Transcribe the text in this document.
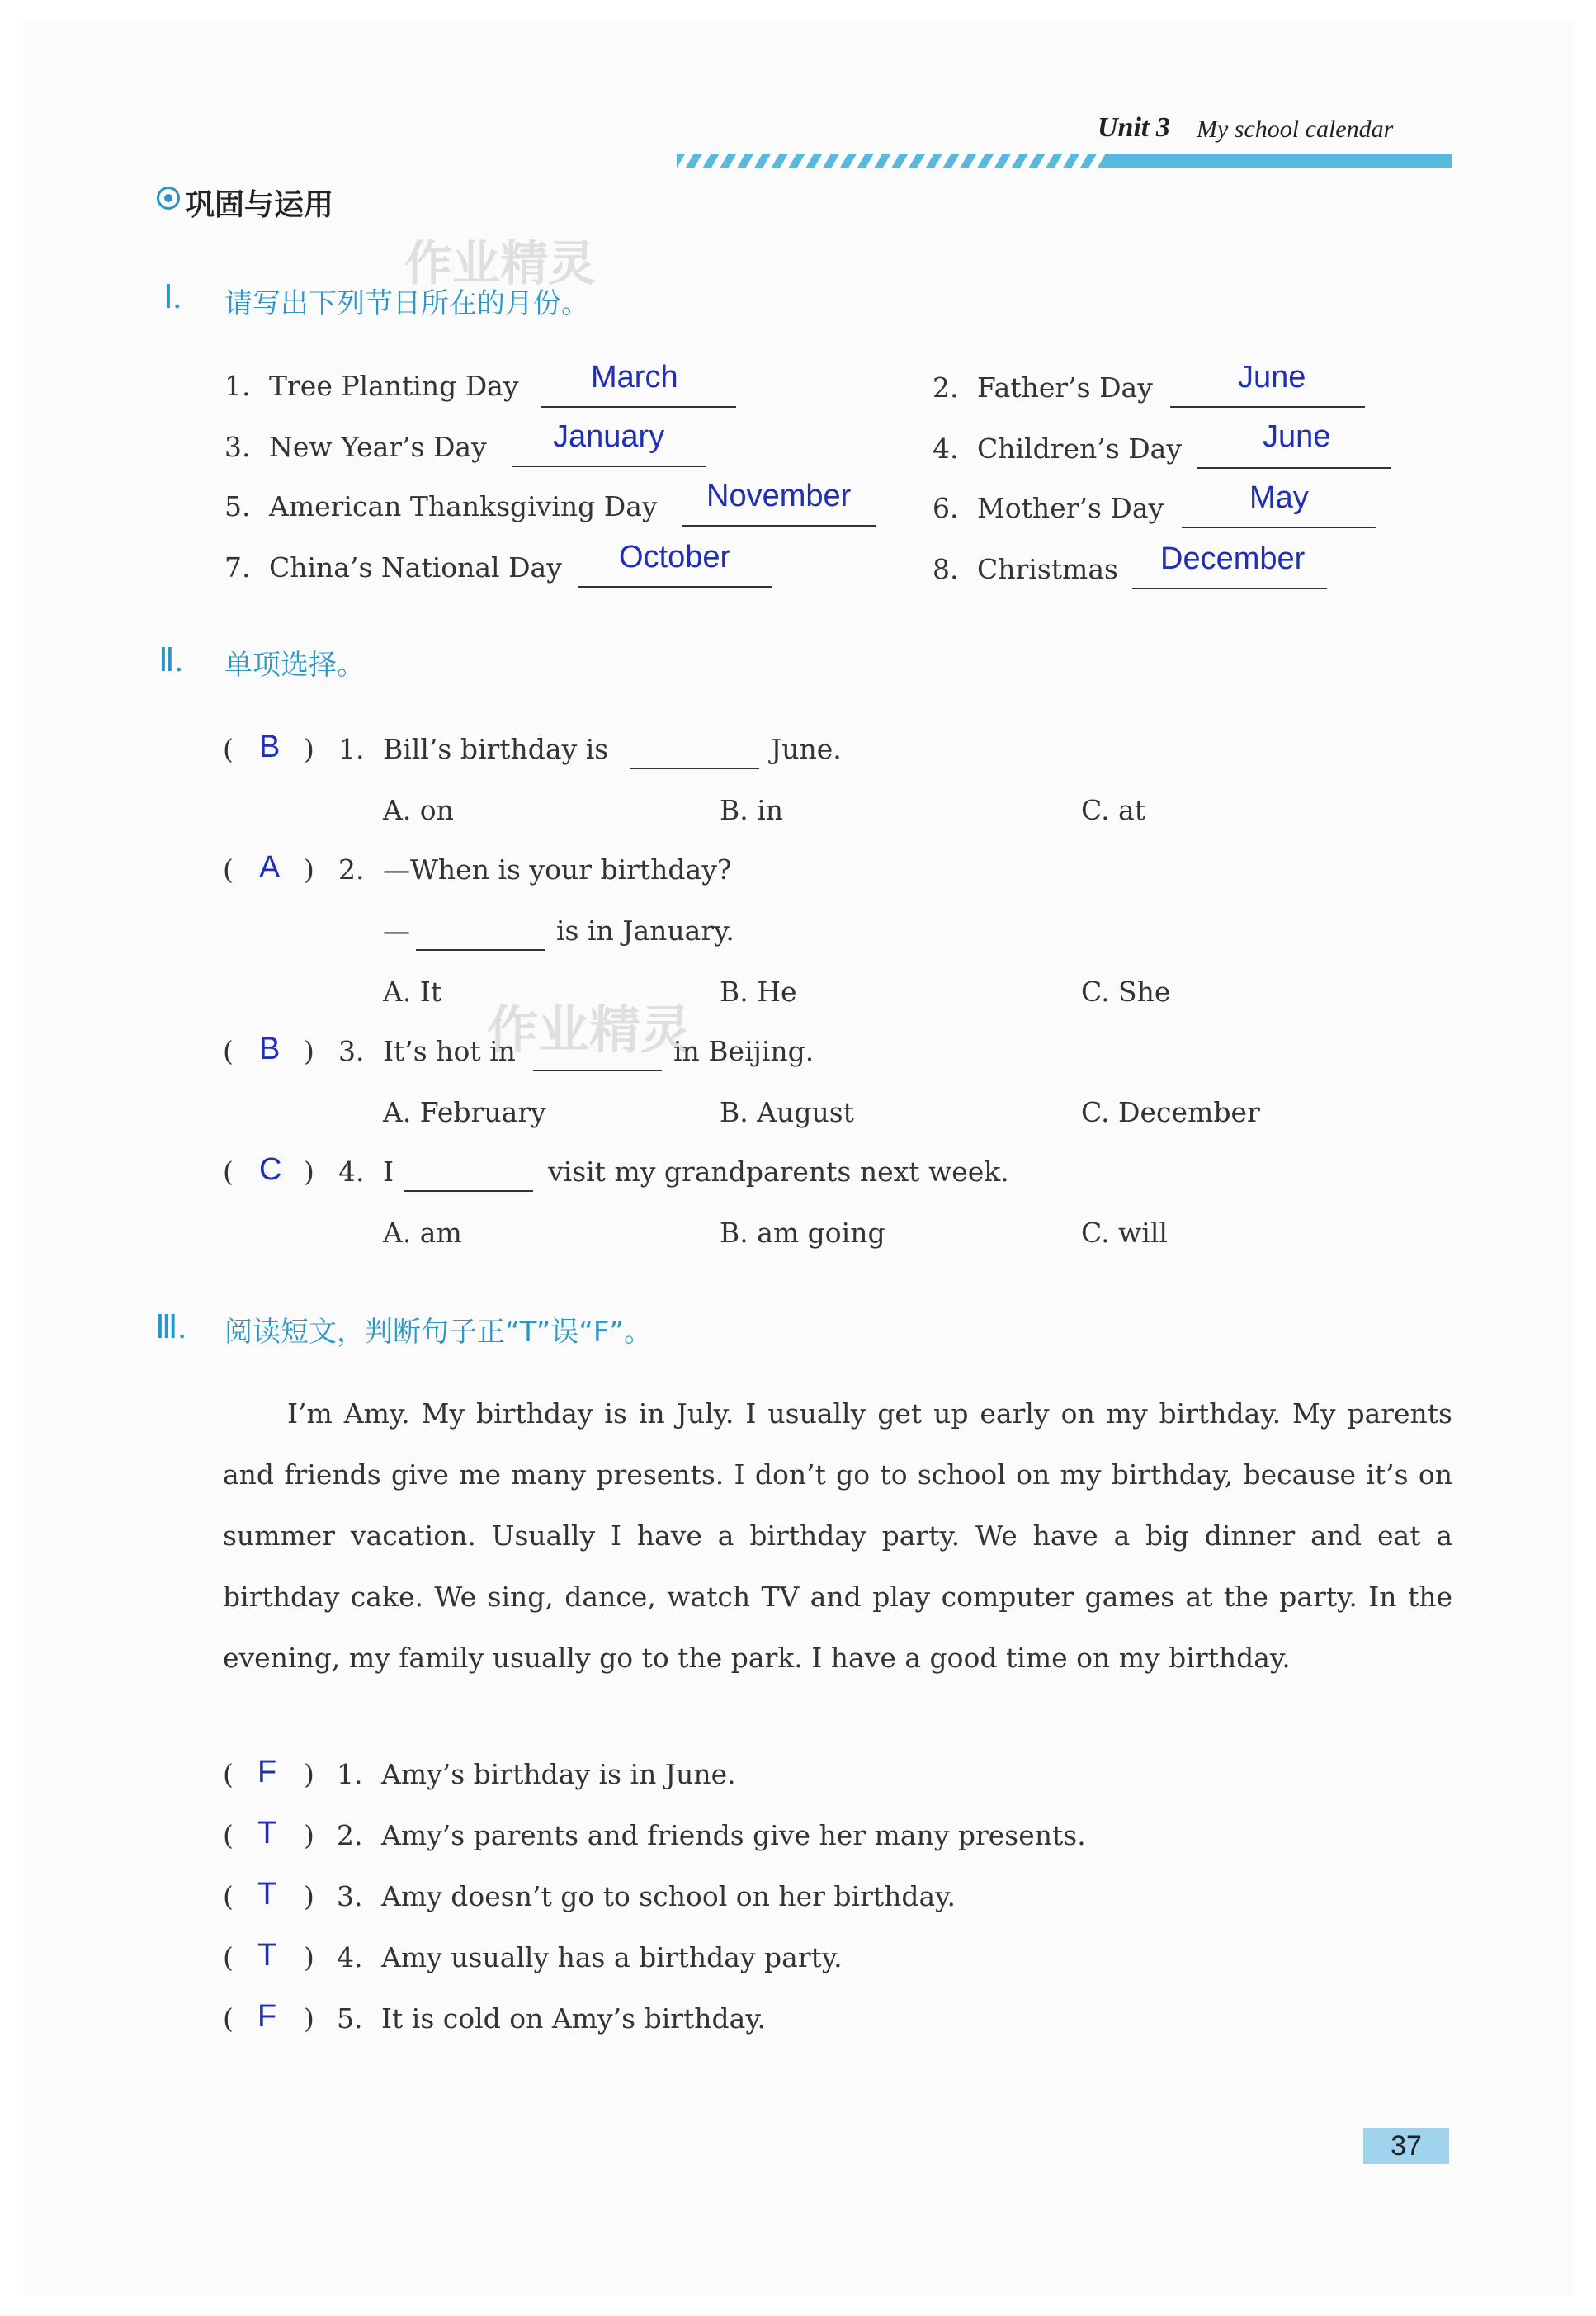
Unit 3 My school calendar
巩固与运用
作业精灵
作业精灵
Ⅰ. 请写出下列节日所在的月份。
1. Tree Planting Day March	2. Father’s Day	June
3. New Year’s Day January	4. Children’s Day	June
5. American Thanksgiving Day November	6. Mother’s Day	May
7. China’s National Day October	8. Christmas December
Ⅱ. 单项选择。
( B ) 1. Bill’s birthday is	June.
A. on	B. in	C. at
( A ) 2. —When is your birthday?
—	is in January.
A. It	B. He	C. She
( B ) 3. It’s hot in	in Beijing.
A. February	B. August	C. December
( C ) 4. I	visit my grandparents next week.
A. am	B. am going	C. will
Ⅲ. 阅读短文，判断句子正“T”误“F”。

I’m Amy. My birthday is in July. I usually get up early on my birthday. My parents and friends give me many presents. I don’t go to school on my birthday, because it’s on summer vacation. Usually I have a birthday party. We have a big dinner and eat a birthday cake. We sing, dance, watch TV and play computer games at the party. In the evening, my family usually go to the park. I have a good time on my birthday.

( F ) 1. Amy’s birthday is in June.
( T ) 2. Amy’s parents and friends give her many presents.
( T ) 3. Amy doesn’t go to school on her birthday.
( T ) 4. Amy usually has a birthday party.
( F ) 5. It is cold on Amy’s birthday.
37
